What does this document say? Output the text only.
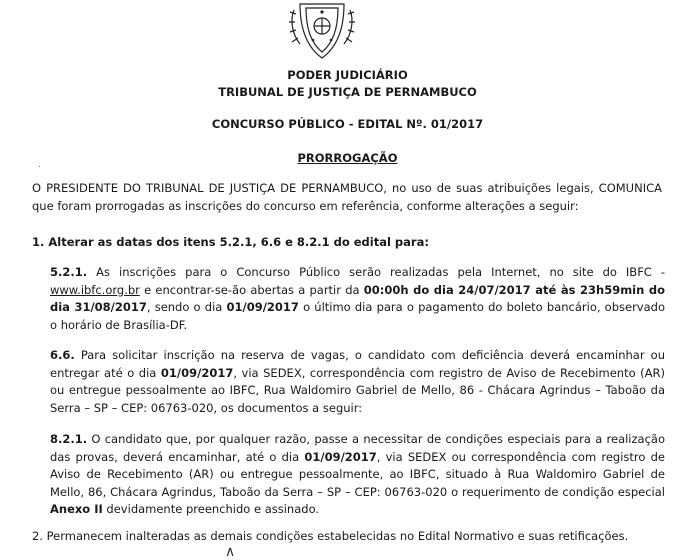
PODER JUDICIÁRIO
TRIBUNAL DE JUSTIÇA DE PERNAMBUCO
CONCURSO PÚBLICO - EDITAL Nº. 01/2017
PRORROGAÇÃO
.
O PRESIDENTE DO TRIBUNAL DE JUSTIÇA DE PERNAMBUCO, no uso de suas atribuições legais, COMUNICA que foram prorrogadas as inscrições do concurso em referência, conforme alterações a seguir:
1. Alterar as datas dos itens 5.2.1, 6.6 e 8.2.1 do edital para:
5.2.1. As inscrições para o Concurso Público serão realizadas pela Internet, no site do IBFC - www.ibfc.org.br e encontrar-se-ão abertas a partir da 00:00h do dia 24/07/2017 até às 23h59min do dia 31/08/2017, sendo o dia 01/09/2017 o último dia para o pagamento do boleto bancário, observado o horário de Brasília-DF.
6.6. Para solicitar inscrição na reserva de vagas, o candidato com deficiência deverá encaminhar ou entregar até o dia 01/09/2017, via SEDEX, correspondência com registro de Aviso de Recebimento (AR) ou entregue pessoalmente ao IBFC, Rua Waldomiro Gabriel de Mello, 86 - Chácara Agrindus – Taboão da Serra – SP – CEP: 06763-020, os documentos a seguir:
8.2.1. O candidato que, por qualquer razão, passe a necessitar de condições especiais para a realização das provas, deverá encaminhar, até o dia 01/09/2017, via SEDEX ou correspondência com registro de Aviso de Recebimento (AR) ou entregue pessoalmente, ao IBFC, situado à Rua Waldomiro Gabriel de Mello, 86, Chácara Agrindus, Taboão da Serra – SP – CEP: 06763-020 o requerimento de condição especial Anexo II devidamente preenchido e assinado.
2. Permanecem inalteradas as demais condições estabelecidas no Edital Normativo e suas retificações.
∧
